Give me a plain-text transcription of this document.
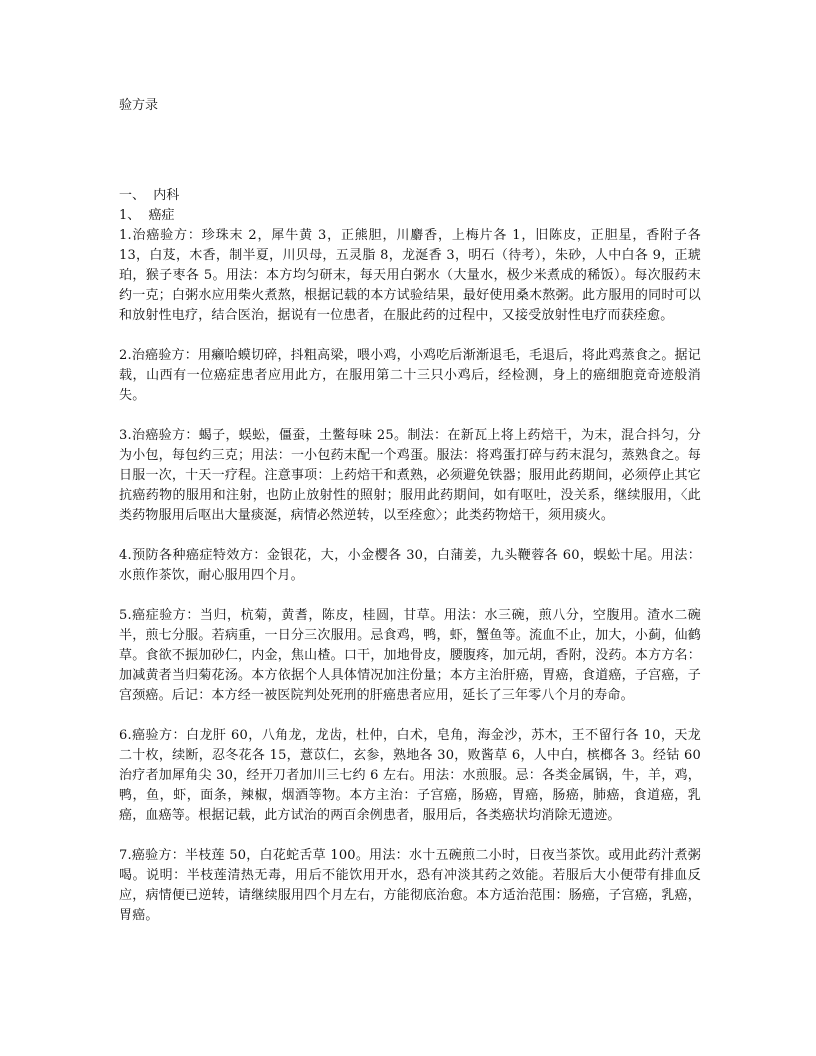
验方录

一、  内科

1、  癌症

1.治癌验方：珍珠末 2，犀牛黄 3，正熊胆，川麝香，上梅片各 1，旧陈皮，正胆星，香附子各 13，白芨，木香，制半夏，川贝母，五灵脂 8，龙涎香 3，明石（待考），朱砂，人中白各 9，正琥珀，猴子枣各 5。用法：本方均匀研末，每天用白粥水（大量水，极少米煮成的稀饭）。每次服药末约一克；白粥水应用柴火煮熬，根据记载的本方试验结果，最好使用桑木熬粥。此方服用的同时可以和放射性电疗，结合医治，据说有一位患者，在服此药的过程中，又接受放射性电疗而获痊愈。

2.治癌验方：用癞哈蟆切碎，抖粗高梁，喂小鸡，小鸡吃后渐渐退毛，毛退后，将此鸡蒸食之。据记载，山西有一位癌症患者应用此方，在服用第二十三只小鸡后，经检测，身上的癌细胞竟奇迹般消失。

3.治癌验方：蝎子，蜈蚣，僵蚕，土鳖每味 25。制法：在新瓦上将上药焙干，为末，混合抖匀，分为小包，每包约三克；用法：一小包药末配一个鸡蛋。服法：将鸡蛋打碎与药末混匀，蒸熟食之。每日服一次，十天一疗程。注意事项：上药焙干和煮熟，必须避免铁器；服用此药期间，必须停止其它抗癌药物的服用和注射，也防止放射性的照射；服用此药期间，如有呕吐，没关系，继续服用，〈此类药物服用后呕出大量痰涎，病情必然逆转，以至痊愈〉；此类药物焙干，须用痰火。

4.预防各种癌症特效方：金银花，大，小金樱各 30，白蒲姜，九头鞭蓉各 60，蜈蚣十尾。用法：水煎作茶饮，耐心服用四个月。

5.癌症验方：当归，杭菊，黄耆，陈皮，桂圆，甘草。用法：水三碗，煎八分，空腹用。渣水二碗半，煎七分服。若病重，一日分三次服用。忌食鸡，鸭，虾，蟹鱼等。流血不止，加大，小蓟，仙鹤草。食欲不振加砂仁，内金，焦山楂。口干，加地骨皮，腰腹疼，加元胡，香附，没药。本方方名：加减黄者当归菊花汤。本方依据个人具体情况加注份量；本方主治肝癌，胃癌，食道癌，子宫癌，子宫颈癌。后记：本方经一被医院判处死刑的肝癌患者应用，延长了三年零八个月的寿命。

6.癌验方：白龙肝 60，八角龙，龙齿，杜仲，白术，皂角，海金沙，苏木，王不留行各 10，天龙二十枚，续断，忍冬花各 15，薏苡仁，玄参，熟地各 30，败酱草 6，人中白，槟榔各 3。经钴 60 治疗者加犀角尖 30，经开刀者加川三七约 6 左右。用法：水煎服。忌：各类金属锅，牛，羊，鸡，鸭，鱼，虾，面条，辣椒，烟酒等物。本方主治：子宫癌，肠癌，胃癌，肠癌，肺癌，食道癌，乳癌，血癌等。根据记载，此方试治的两百余例患者，服用后，各类癌状均消除无遗迹。

7.癌验方：半枝莲 50，白花蛇舌草 100。用法：水十五碗煎二小时，日夜当茶饮。或用此药汁煮粥喝。说明：半枝莲清热无毒，用后不能饮用开水，恐有冲淡其药之效能。若服后大小便带有排血反应，病情便已逆转，请继续服用四个月左右，方能彻底治愈。本方适治范围：肠癌，子宫癌，乳癌，胃癌。
